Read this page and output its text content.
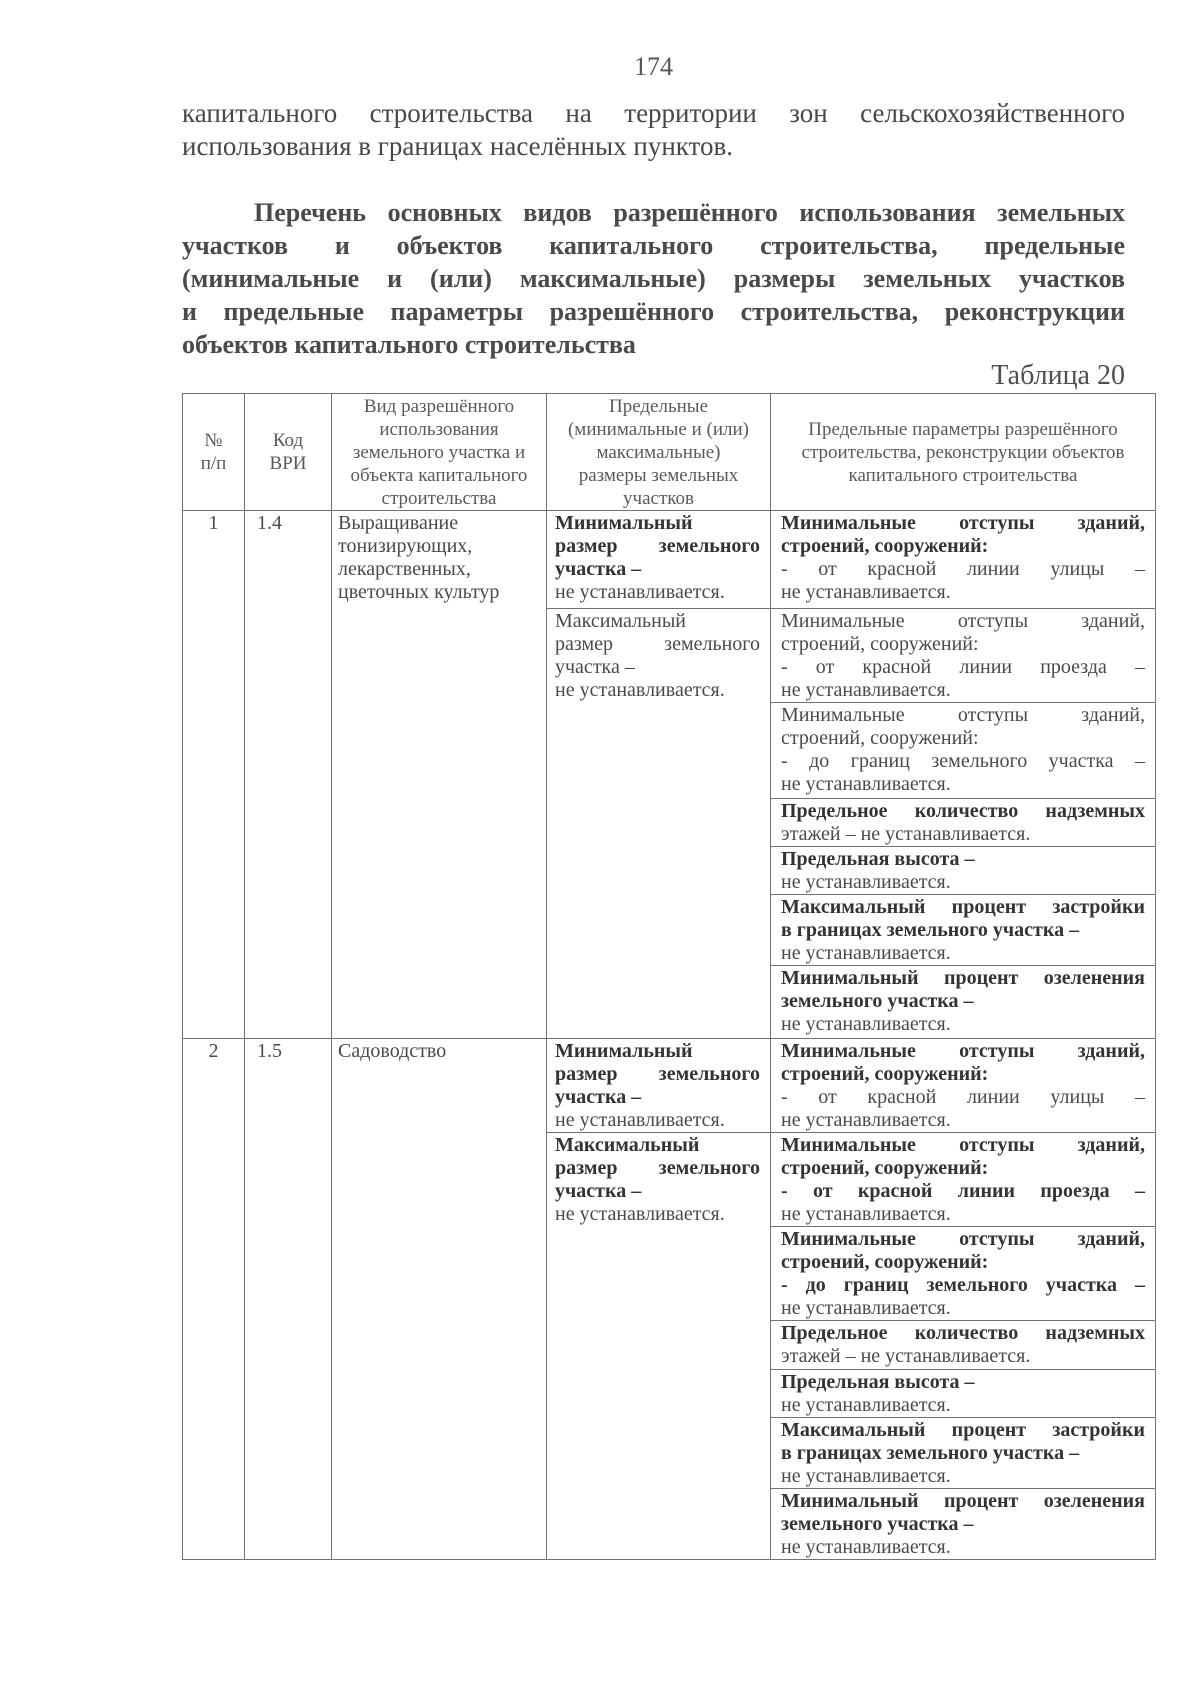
174
капитального строительства на территории зон сельскохозяйственного
использования в границах населённых пунктов.
Перечень основных видов разрешённого использования земельных
участков и объектов капитального строительства, предельные
(минимальные и (или) максимальные) размеры земельных участков
и предельные параметры разрешённого строительства, реконструкции
объектов капитального строительства
Таблица 20
№
п/п	Код
ВРИ	Вид разрешённого
использования
земельного участка и
объекта капитального
строительства	Предельные
(минимальные и (или)
максимальные)
размеры земельных
участков	Предельные параметры разрешённого
строительства, реконструкции объектов
капитального строительства

1	1.4	Выращивание
тонизирующих,
лекарственных,
цветочных культур	Минимальный
размер земельного
участка –
не устанавливается.	Минимальные отступы зданий,
строений, сооружений:
- от красной линии улицы –
не устанавливается.

			Максимальный
размер земельного
участка –
не устанавливается.	Минимальные отступы зданий,
строений, сооружений:
- от красной линии проезда –
не устанавливается.

				Минимальные отступы зданий,
строений, сооружений:
- до границ земельного участка –
не устанавливается.

				Предельное количество надземных
этажей – не устанавливается.

				Предельная высота –
не устанавливается.

				Максимальный процент застройки
в границах земельного участка –
не устанавливается.

				Минимальный процент озеленения
земельного участка –
не устанавливается.

2	1.5	Садоводство	Минимальный
размер земельного
участка –
не устанавливается.	Минимальные отступы зданий,
строений, сооружений:
- от красной линии улицы –
не устанавливается.

			Максимальный
размер земельного
участка –
не устанавливается.	Минимальные отступы зданий,
строений, сооружений:
- от красной линии проезда –
не устанавливается.

				Минимальные отступы зданий,
строений, сооружений:
- до границ земельного участка –
не устанавливается.

				Предельное количество надземных
этажей – не устанавливается.

				Предельная высота –
не устанавливается.

				Максимальный процент застройки
в границах земельного участка –
не устанавливается.

				Минимальный процент озеленения
земельного участка –
не устанавливается.
